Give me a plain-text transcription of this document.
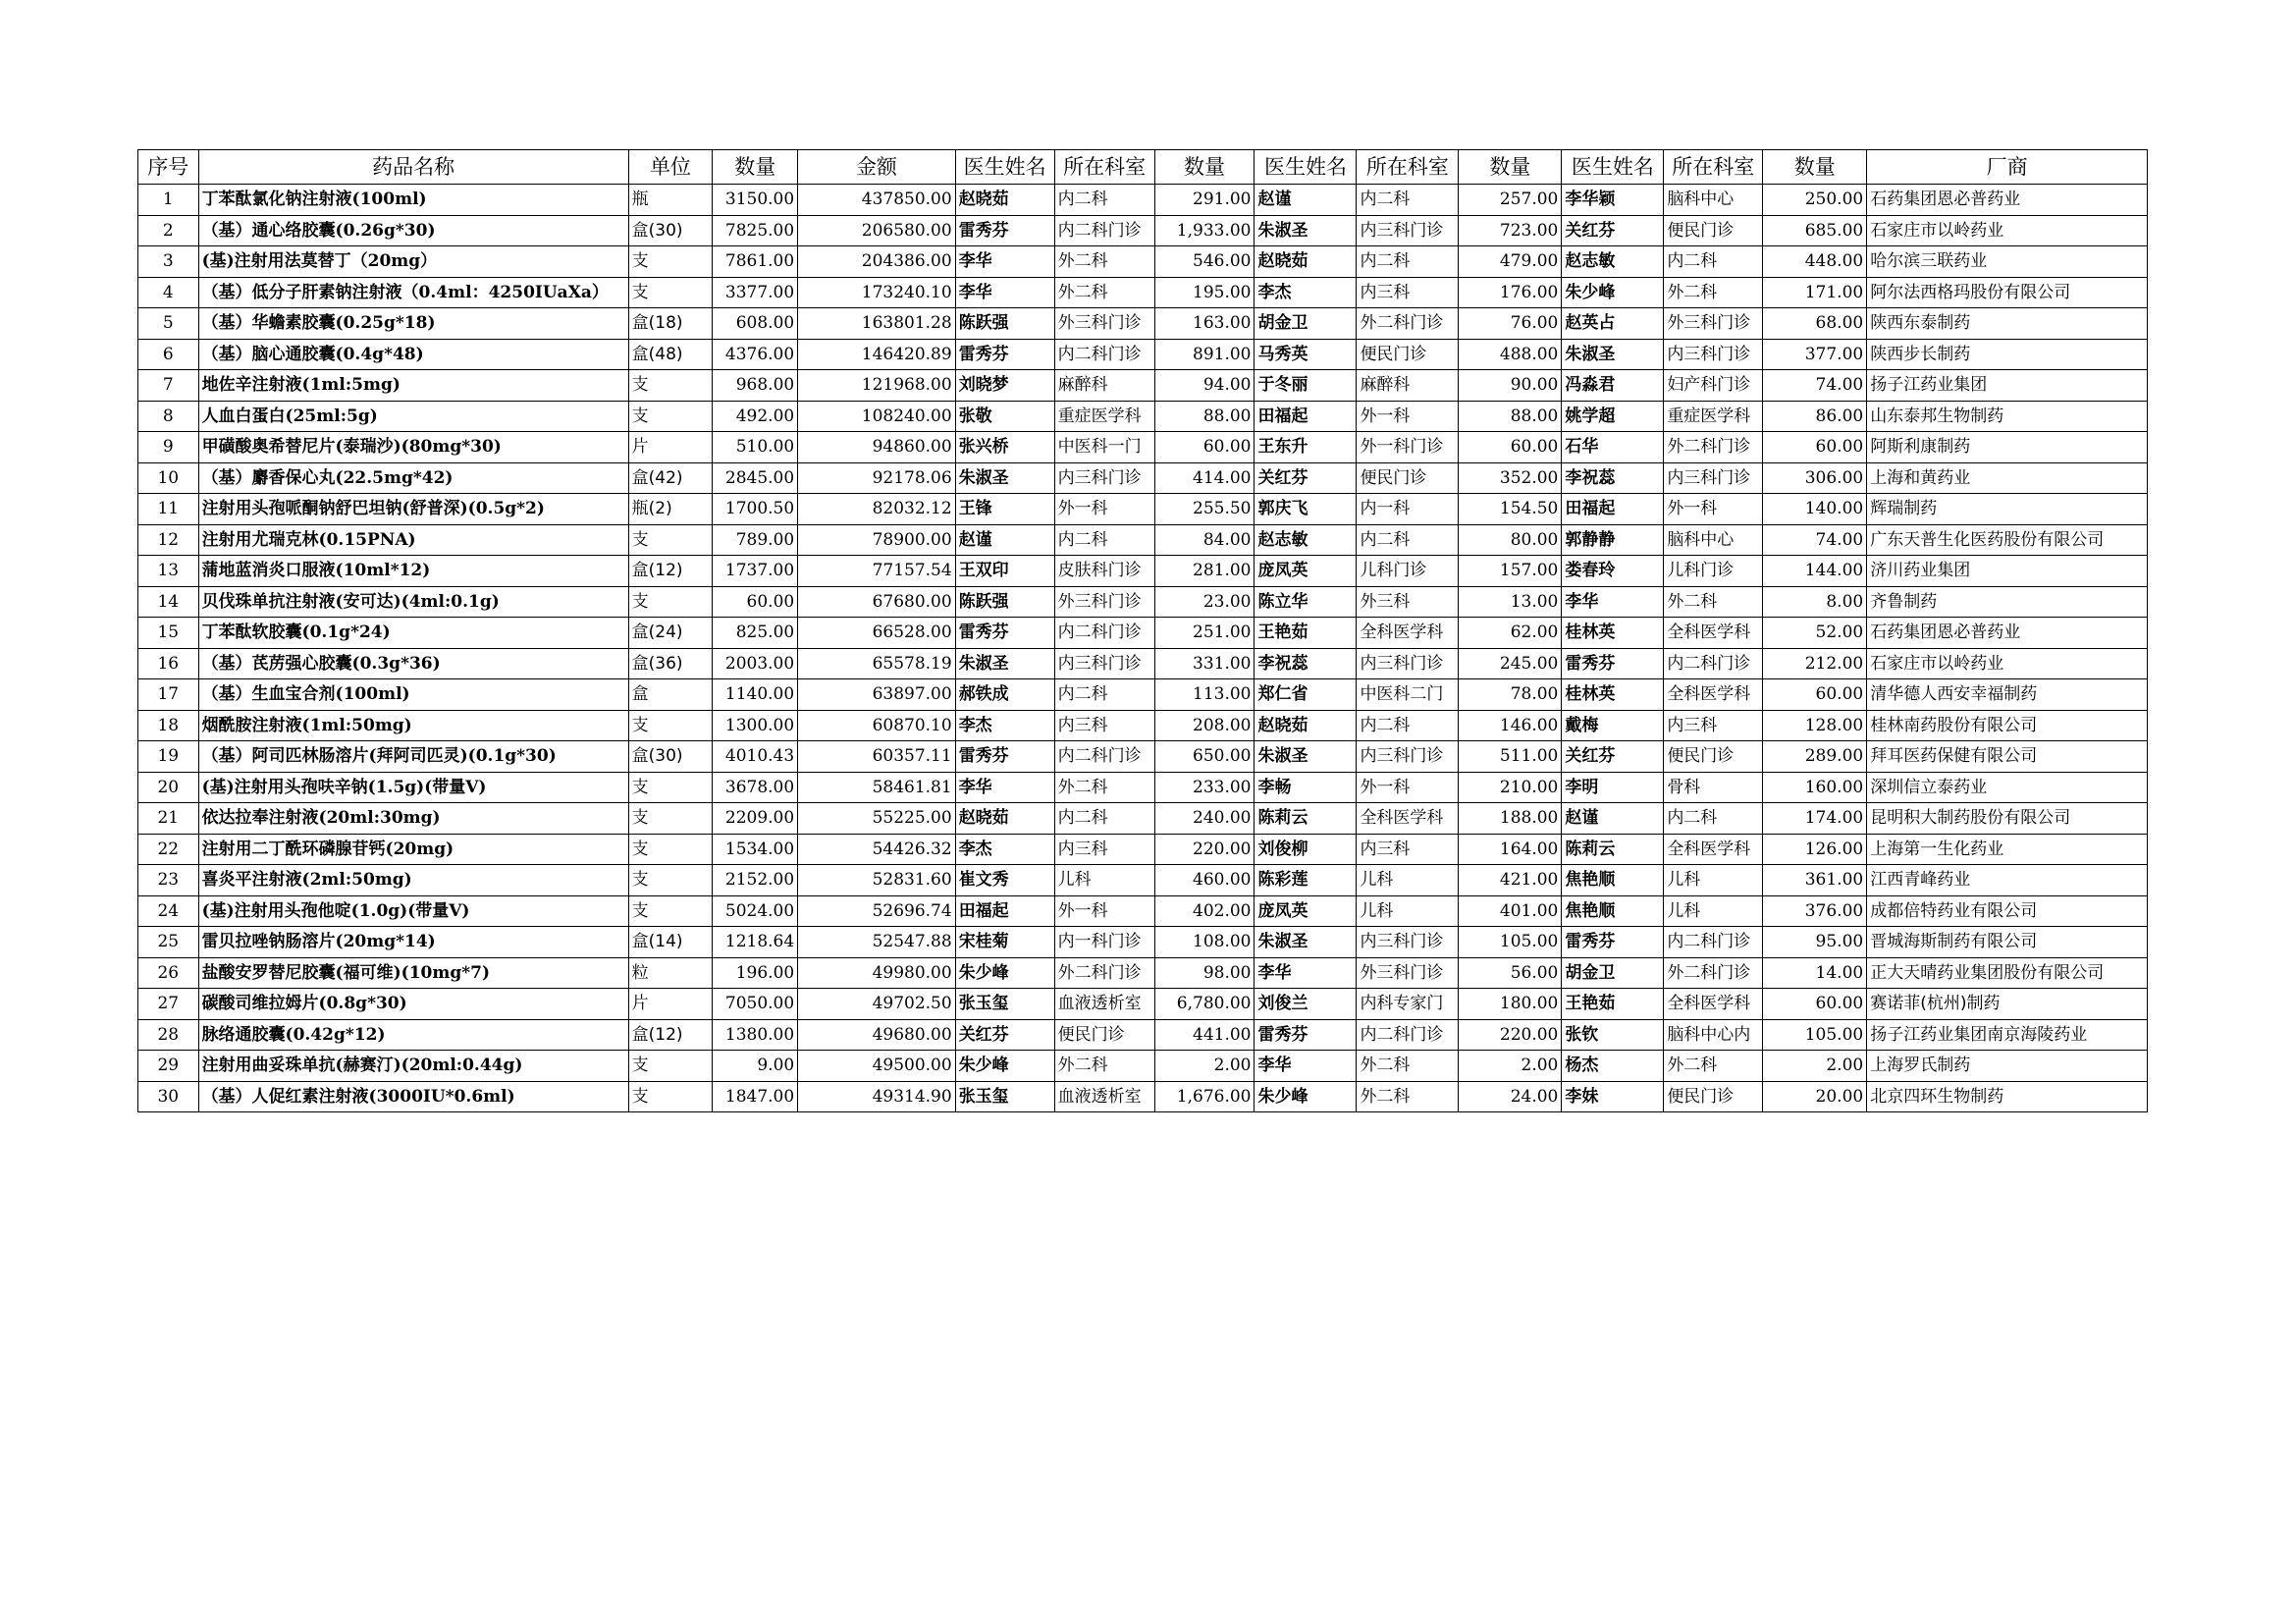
序号	药品名称	单位	数量	金额	医生姓名	所在科室	数量	医生姓名	所在科室	数量	医生姓名	所在科室	数量	厂商
1	丁苯酞氯化钠注射液(100ml)	瓶	3150.00	437850.00	赵晓茹	内二科	291.00	赵谨	内二科	257.00	李华颖	脑科中心	250.00	石药集团恩必普药业
2	（基）通心络胶囊(0.26g*30)	盒(30)	7825.00	206580.00	雷秀芬	内二科门诊	1,933.00	朱淑圣	内三科门诊	723.00	关红芬	便民门诊	685.00	石家庄市以岭药业
3	(基)注射用法莫替丁（20mg）	支	7861.00	204386.00	李华	外二科	546.00	赵晓茹	内二科	479.00	赵志敏	内二科	448.00	哈尔滨三联药业
4	（基）低分子肝素钠注射液（0.4ml：4250IUaXa）	支	3377.00	173240.10	李华	外二科	195.00	李杰	内三科	176.00	朱少峰	外二科	171.00	阿尔法西格玛股份有限公司
5	（基）华蟾素胶囊(0.25g*18)	盒(18)	608.00	163801.28	陈跃强	外三科门诊	163.00	胡金卫	外二科门诊	76.00	赵英占	外三科门诊	68.00	陕西东泰制药
6	（基）脑心通胶囊(0.4g*48)	盒(48)	4376.00	146420.89	雷秀芬	内二科门诊	891.00	马秀英	便民门诊	488.00	朱淑圣	内三科门诊	377.00	陕西步长制药
7	地佐辛注射液(1ml:5mg)	支	968.00	121968.00	刘晓梦	麻醉科	94.00	于冬丽	麻醉科	90.00	冯淼君	妇产科门诊	74.00	扬子江药业集团
8	人血白蛋白(25ml:5g)	支	492.00	108240.00	张敬	重症医学科	88.00	田福起	外一科	88.00	姚学超	重症医学科	86.00	山东泰邦生物制药
9	甲磺酸奥希替尼片(泰瑞沙)(80mg*30)	片	510.00	94860.00	张兴桥	中医科一门	60.00	王东升	外一科门诊	60.00	石华	外二科门诊	60.00	阿斯利康制药
10	（基）麝香保心丸(22.5mg*42)	盒(42)	2845.00	92178.06	朱淑圣	内三科门诊	414.00	关红芬	便民门诊	352.00	李祝蕊	内三科门诊	306.00	上海和黄药业
11	注射用头孢哌酮钠舒巴坦钠(舒普深)(0.5g*2)	瓶(2)	1700.50	82032.12	王锋	外一科	255.50	郭庆飞	内一科	154.50	田福起	外一科	140.00	辉瑞制药
12	注射用尤瑞克林(0.15PNA)	支	789.00	78900.00	赵谨	内二科	84.00	赵志敏	内二科	80.00	郭静静	脑科中心	74.00	广东天普生化医药股份有限公司
13	蒲地蓝消炎口服液(10ml*12)	盒(12)	1737.00	77157.54	王双印	皮肤科门诊	281.00	庞凤英	儿科门诊	157.00	娄春玲	儿科门诊	144.00	济川药业集团
14	贝伐珠单抗注射液(安可达)(4ml:0.1g)	支	60.00	67680.00	陈跃强	外三科门诊	23.00	陈立华	外三科	13.00	李华	外二科	8.00	齐鲁制药
15	丁苯酞软胶囊(0.1g*24)	盒(24)	825.00	66528.00	雷秀芬	内二科门诊	251.00	王艳茹	全科医学科	62.00	桂林英	全科医学科	52.00	石药集团恩必普药业
16	（基）芪苈强心胶囊(0.3g*36)	盒(36)	2003.00	65578.19	朱淑圣	内三科门诊	331.00	李祝蕊	内三科门诊	245.00	雷秀芬	内二科门诊	212.00	石家庄市以岭药业
17	（基）生血宝合剂(100ml)	盒	1140.00	63897.00	郝铁成	内二科	113.00	郑仁省	中医科二门	78.00	桂林英	全科医学科	60.00	清华德人西安幸福制药
18	烟酰胺注射液(1ml:50mg)	支	1300.00	60870.10	李杰	内三科	208.00	赵晓茹	内二科	146.00	戴梅	内三科	128.00	桂林南药股份有限公司
19	（基）阿司匹林肠溶片(拜阿司匹灵)(0.1g*30)	盒(30)	4010.43	60357.11	雷秀芬	内二科门诊	650.00	朱淑圣	内三科门诊	511.00	关红芬	便民门诊	289.00	拜耳医药保健有限公司
20	(基)注射用头孢呋辛钠(1.5g)(带量Ⅴ)	支	3678.00	58461.81	李华	外二科	233.00	李畅	外一科	210.00	李明	骨科	160.00	深圳信立泰药业
21	依达拉奉注射液(20ml:30mg)	支	2209.00	55225.00	赵晓茹	内二科	240.00	陈莉云	全科医学科	188.00	赵谨	内二科	174.00	昆明积大制药股份有限公司
22	注射用二丁酰环磷腺苷钙(20mg)	支	1534.00	54426.32	李杰	内三科	220.00	刘俊柳	内三科	164.00	陈莉云	全科医学科	126.00	上海第一生化药业
23	喜炎平注射液(2ml:50mg)	支	2152.00	52831.60	崔文秀	儿科	460.00	陈彩莲	儿科	421.00	焦艳顺	儿科	361.00	江西青峰药业
24	(基)注射用头孢他啶(1.0g)(带量Ⅴ)	支	5024.00	52696.74	田福起	外一科	402.00	庞凤英	儿科	401.00	焦艳顺	儿科	376.00	成都倍特药业有限公司
25	雷贝拉唑钠肠溶片(20mg*14)	盒(14)	1218.64	52547.88	宋桂菊	内一科门诊	108.00	朱淑圣	内三科门诊	105.00	雷秀芬	内二科门诊	95.00	晋城海斯制药有限公司
26	盐酸安罗替尼胶囊(福可维)(10mg*7)	粒	196.00	49980.00	朱少峰	外二科门诊	98.00	李华	外三科门诊	56.00	胡金卫	外二科门诊	14.00	正大天晴药业集团股份有限公司
27	碳酸司维拉姆片(0.8g*30)	片	7050.00	49702.50	张玉玺	血液透析室	6,780.00	刘俊兰	内科专家门	180.00	王艳茹	全科医学科	60.00	赛诺菲(杭州)制药
28	脉络通胶囊(0.42g*12)	盒(12)	1380.00	49680.00	关红芬	便民门诊	441.00	雷秀芬	内二科门诊	220.00	张钦	脑科中心内	105.00	扬子江药业集团南京海陵药业
29	注射用曲妥珠单抗(赫赛汀)(20ml:0.44g)	支	9.00	49500.00	朱少峰	外二科	2.00	李华	外二科	2.00	杨杰	外二科	2.00	上海罗氏制药
30	（基）人促红素注射液(3000IU*0.6ml)	支	1847.00	49314.90	张玉玺	血液透析室	1,676.00	朱少峰	外二科	24.00	李妹	便民门诊	20.00	北京四环生物制药
